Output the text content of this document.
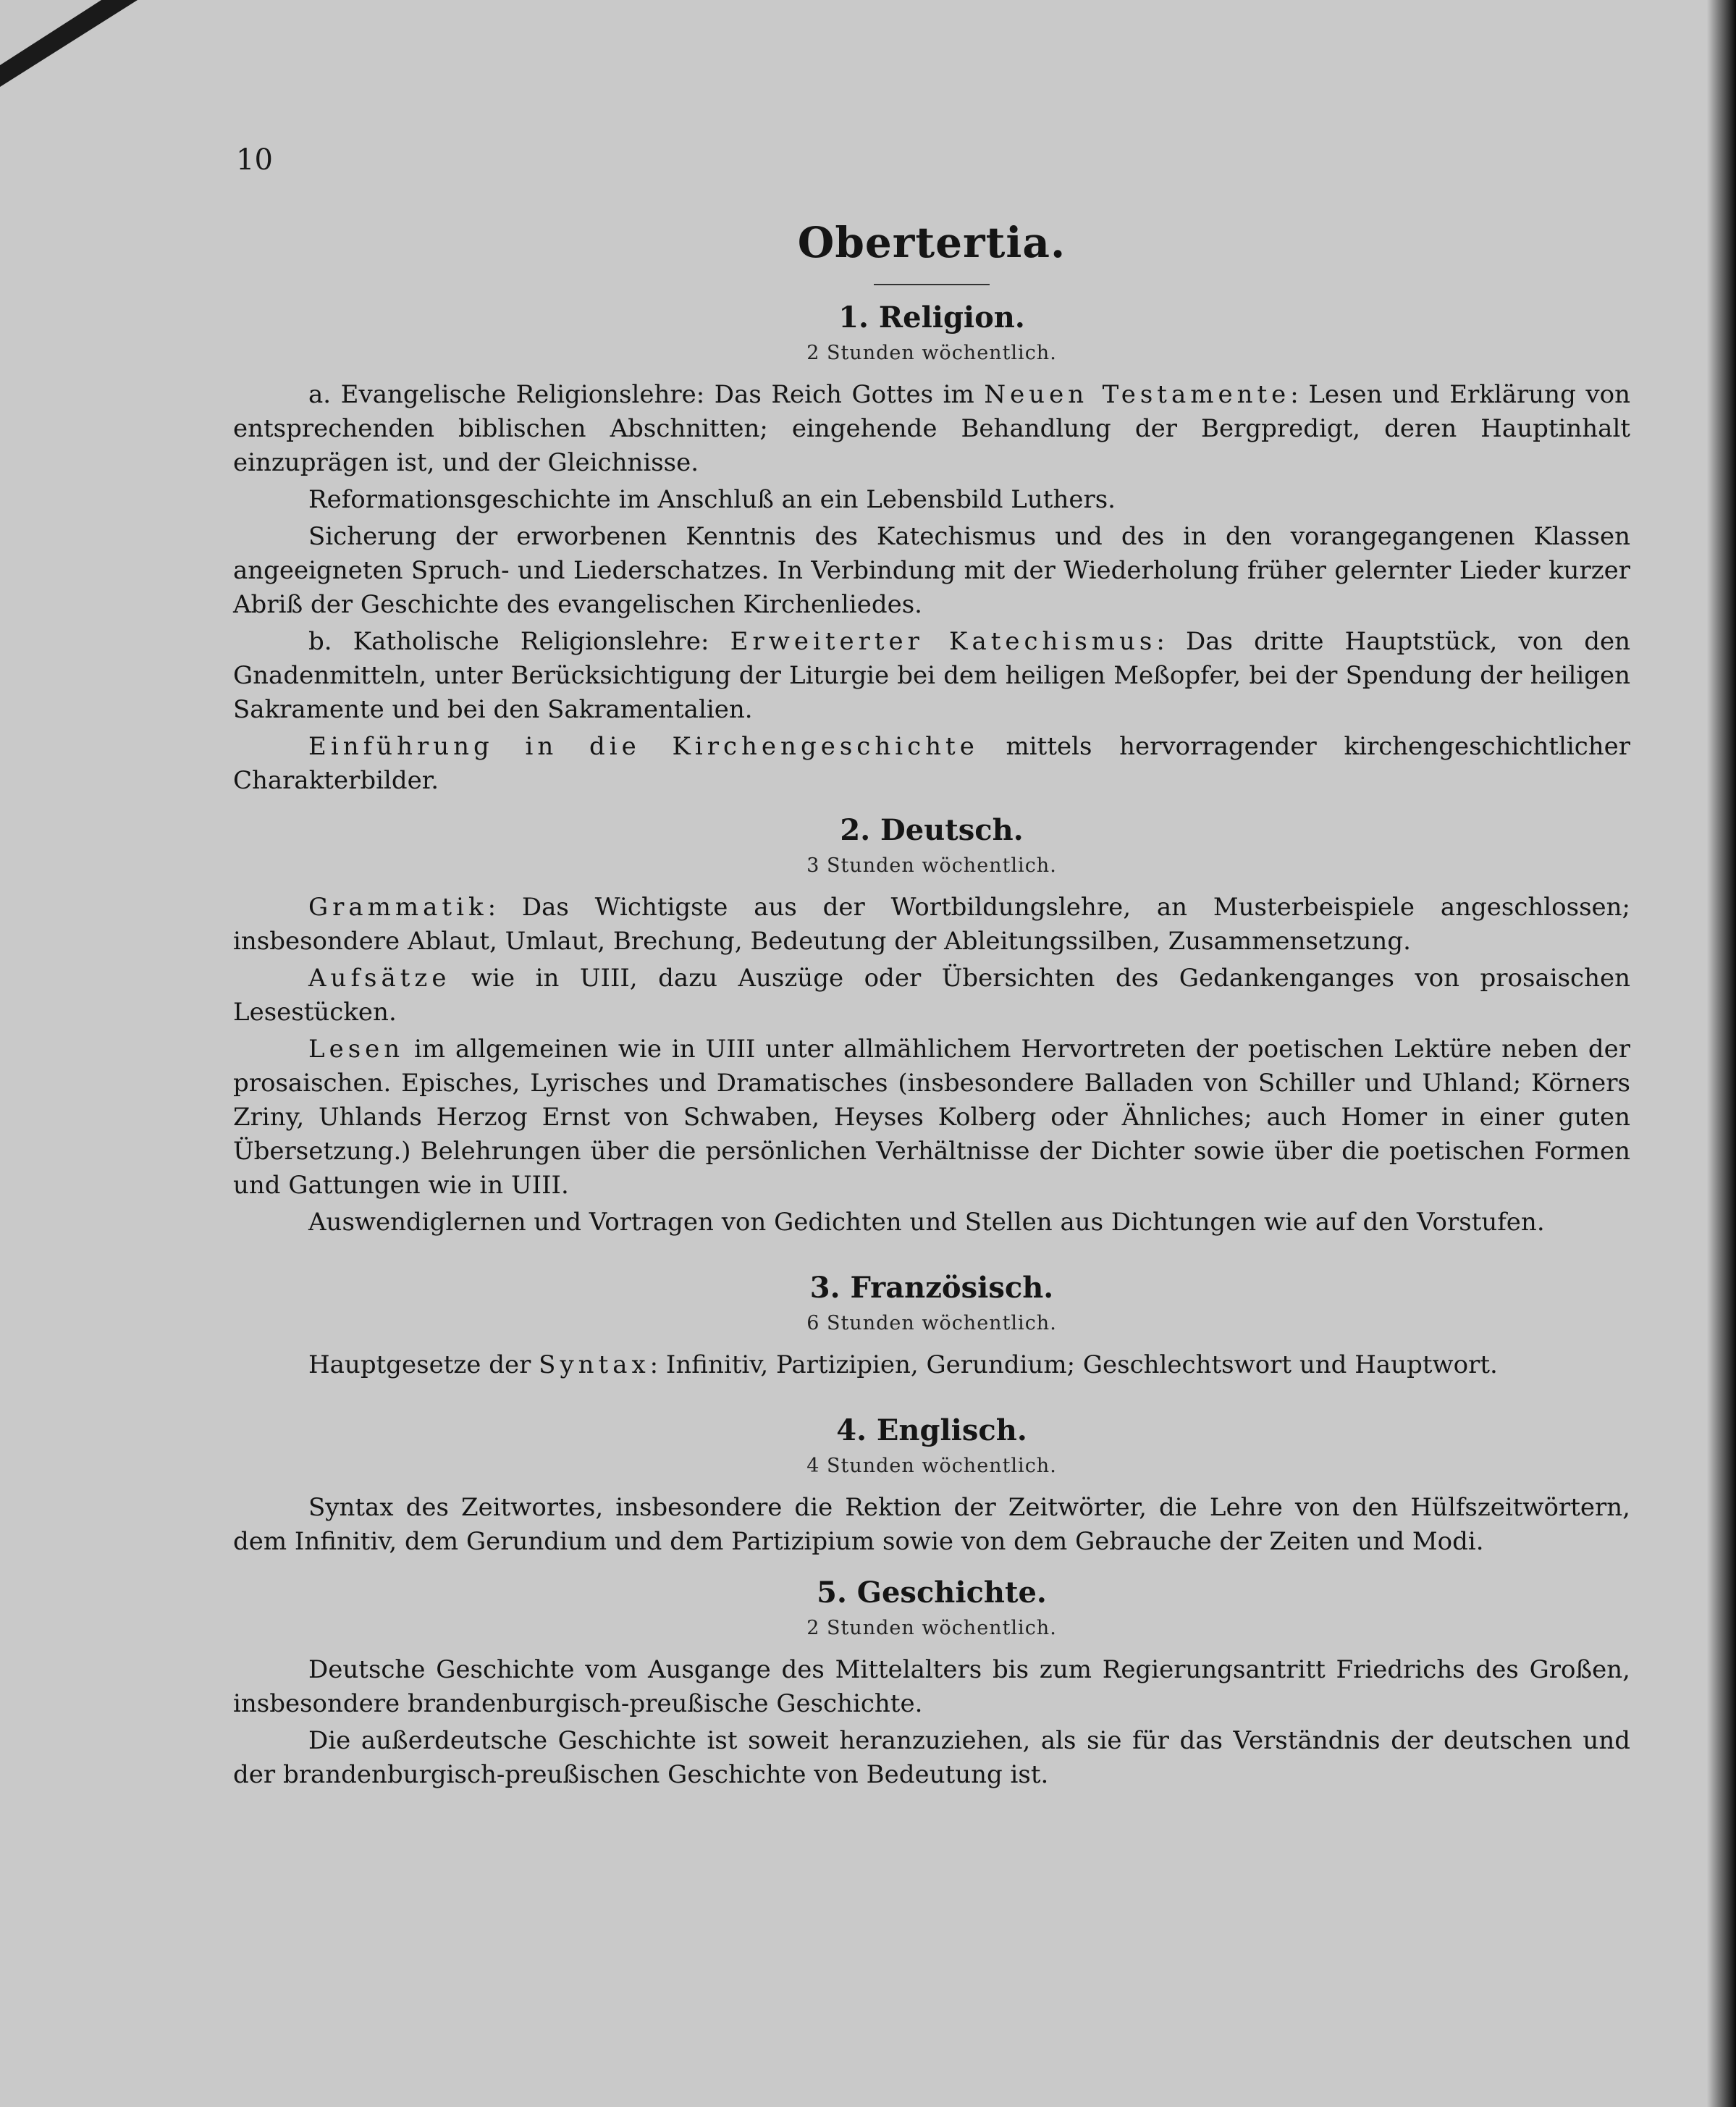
10
Obertertia.
1. Religion.
2 Stunden wöchentlich.

a. Evangelische Religionslehre: Das Reich Gottes im Neuen Testamente: Lesen und Erklärung von entsprechenden biblischen Abschnitten; eingehende Behandlung der Bergpredigt, deren Hauptinhalt einzuprägen ist, und der Gleichnisse.

Reformationsgeschichte im Anschluß an ein Lebensbild Luthers.

Sicherung der erworbenen Kenntnis des Katechismus und des in den vorangegangenen Klassen angeeigneten Spruch- und Liederschatzes. In Verbindung mit der Wiederholung früher gelernter Lieder kurzer Abriß der Geschichte des evangelischen Kirchenliedes.

b. Katholische Religionslehre: Erweiterter Katechismus: Das dritte Hauptstück, von den Gnadenmitteln, unter Berücksichtigung der Liturgie bei dem heiligen Meßopfer, bei der Spendung der heiligen Sakramente und bei den Sakramentalien.

Einführung in die Kirchengeschichte mittels hervorragender kirchengeschichtlicher Charakterbilder.

2. Deutsch.
3 Stunden wöchentlich.

Grammatik: Das Wichtigste aus der Wortbildungslehre, an Musterbeispiele angeschlossen; insbesondere Ablaut, Umlaut, Brechung, Bedeutung der Ableitungssilben, Zusammensetzung.

Aufsätze wie in UIII, dazu Auszüge oder Übersichten des Gedankenganges von prosaischen Lesestücken.

Lesen im allgemeinen wie in UIII unter allmählichem Hervortreten der poetischen Lektüre neben der prosaischen. Episches, Lyrisches und Dramatisches (insbesondere Balladen von Schiller und Uhland; Körners Zriny, Uhlands Herzog Ernst von Schwaben, Heyses Kolberg oder Ähnliches; auch Homer in einer guten Übersetzung.) Belehrungen über die persönlichen Verhältnisse der Dichter sowie über die poetischen Formen und Gattungen wie in UIII.

Auswendiglernen und Vortragen von Gedichten und Stellen aus Dichtungen wie auf den Vorstufen.

3. Französisch.
6 Stunden wöchentlich.

Hauptgesetze der Syntax: Infinitiv, Partizipien, Gerundium; Geschlechtswort und Hauptwort.

4. Englisch.
4 Stunden wöchentlich.

Syntax des Zeitwortes, insbesondere die Rektion der Zeitwörter, die Lehre von den Hülfszeitwörtern, dem Infinitiv, dem Gerundium und dem Partizipium sowie von dem Gebrauche der Zeiten und Modi.

5. Geschichte.
2 Stunden wöchentlich.

Deutsche Geschichte vom Ausgange des Mittelalters bis zum Regierungsantritt Friedrichs des Großen, insbesondere brandenburgisch-preußische Geschichte.

Die außerdeutsche Geschichte ist soweit heranzuziehen, als sie für das Verständnis der deutschen und der brandenburgisch-preußischen Geschichte von Bedeutung ist.
